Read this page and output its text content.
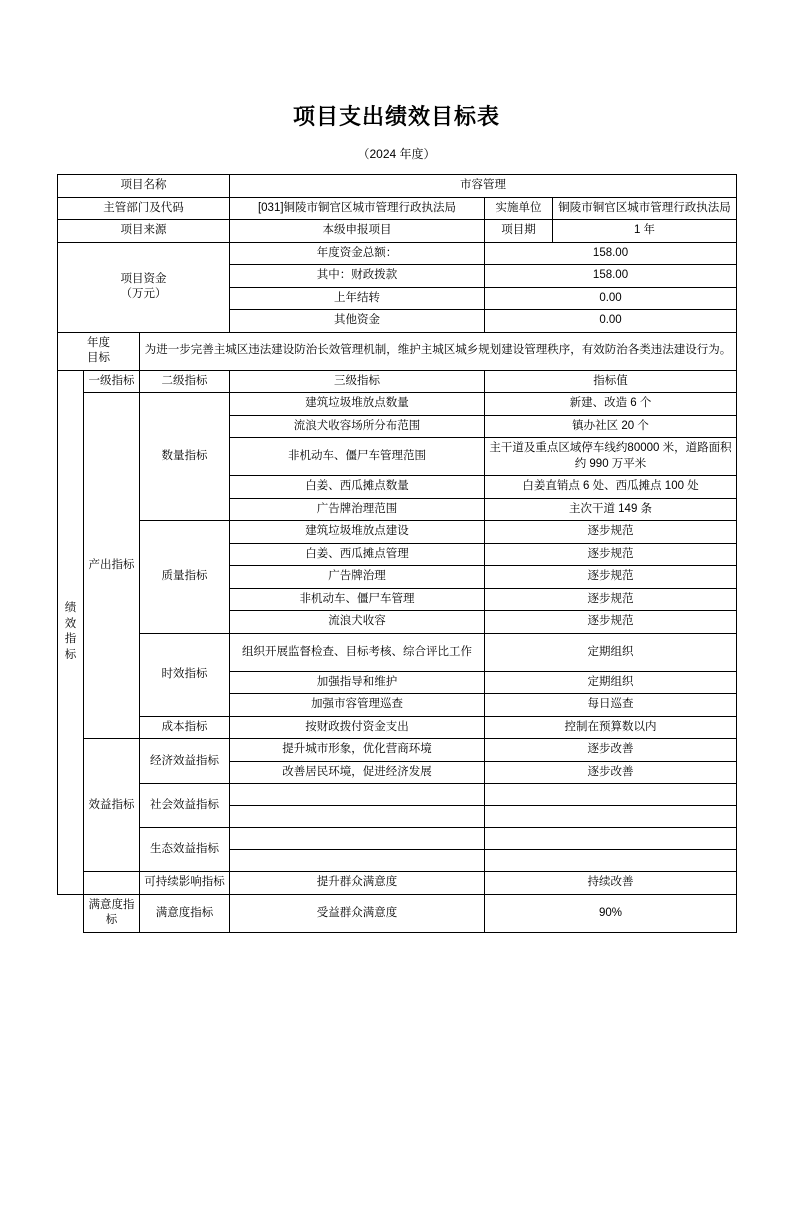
项目支出绩效目标表
（2024 年度）
项目名称			市容管理		
主管部门及代码			[031]铜陵市铜官区城市管理行政执法局	实施单位	铜陵市铜官区城市管理行政执法局
项目来源			本级申报项目	项目期	1 年

项目资金
（万元）			年度资金总额：	158.00	
			其中：财政拨款	158.00	
			上年结转	0.00	
			其他资金	0.00	

年度
目标		为进一步完善主城区违法建设防治长效管理机制，维护主城区城乡规划建设管理秩序，有效防治各类违法建设行为。			

绩
效
指
标	一级指标	二级指标	三级指标	指标值	
	产出指标	数量指标	建筑垃圾堆放点数量	新建、改造 6 个	
			流浪犬收容场所分布范围	镇办社区 20 个	
			非机动车、僵尸车管理范围	主干道及重点区域停车线约80000 米，道路面积约 990 万平米	
			白姜、西瓜摊点数量	白姜直销点 6 处、西瓜摊点 100 处	
			广告牌治理范围	主次干道 149 条	
		质量指标	建筑垃圾堆放点建设	逐步规范	
			白姜、西瓜摊点管理	逐步规范	
			广告牌治理	逐步规范	
			非机动车、僵尸车管理	逐步规范	
			流浪犬收容	逐步规范	
		时效指标	组织开展监督检查、目标考核、综合评比工作	定期组织	
			加强指导和维护	定期组织	
			加强市容管理巡查	每日巡查	
		成本指标	按财政拨付资金支出	控制在预算数以内	
	效益指标	经济效益指标	提升城市形象，优化营商环境	逐步改善	
			改善居民环境，促进经济发展	逐步改善	
		社会效益指标			

		生态效益指标			

		可持续影响指标	提升群众满意度	持续改善	

	满意度指标	满意度指标	受益群众满意度	90%	
